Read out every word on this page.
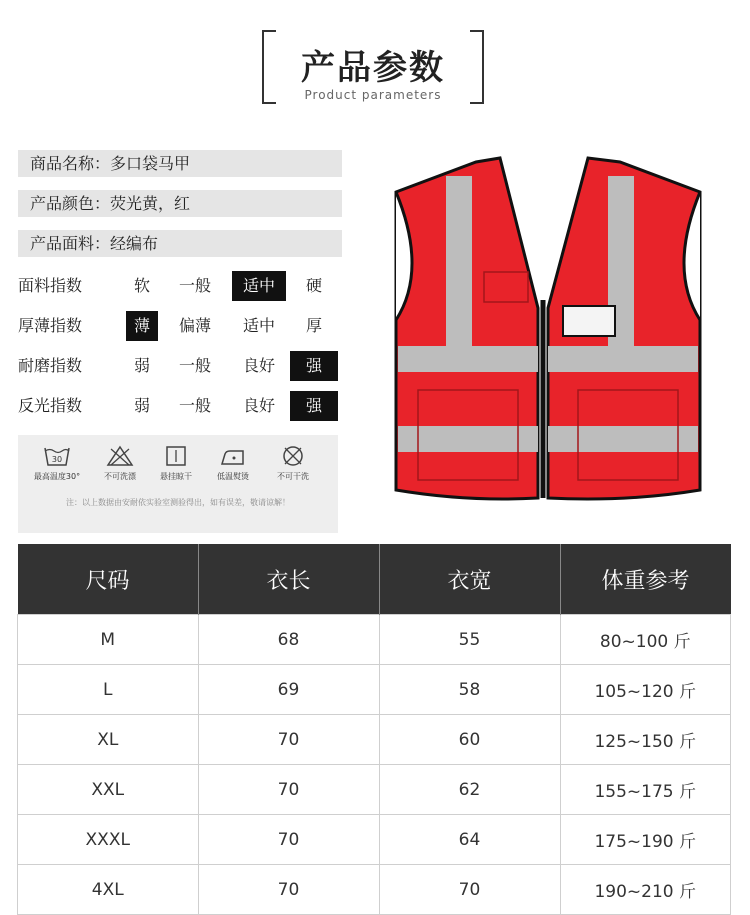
产品参数
Product parameters
商品名称：多口袋马甲
产品颜色：荧光黄，红
产品面料：经编布
面料指数	软	一般	适中	硬
厚薄指数	薄	偏薄	适中	厚
耐磨指数	弱	一般	良好	强
反光指数	弱	一般	良好	强
30
最高温度30°	不可洗漂	悬挂晾干	低温熨烫	不可干洗
注：以上数据由安耐依实验室测验得出，如有误差，敬请谅解！
尺码	衣长	衣宽	体重参考
M	68	55	80~100 斤
L	69	58	105~120 斤
XL	70	60	125~150 斤
XXL	70	62	155~175 斤
XXXL	70	64	175~190 斤
4XL	70	70	190~210 斤
